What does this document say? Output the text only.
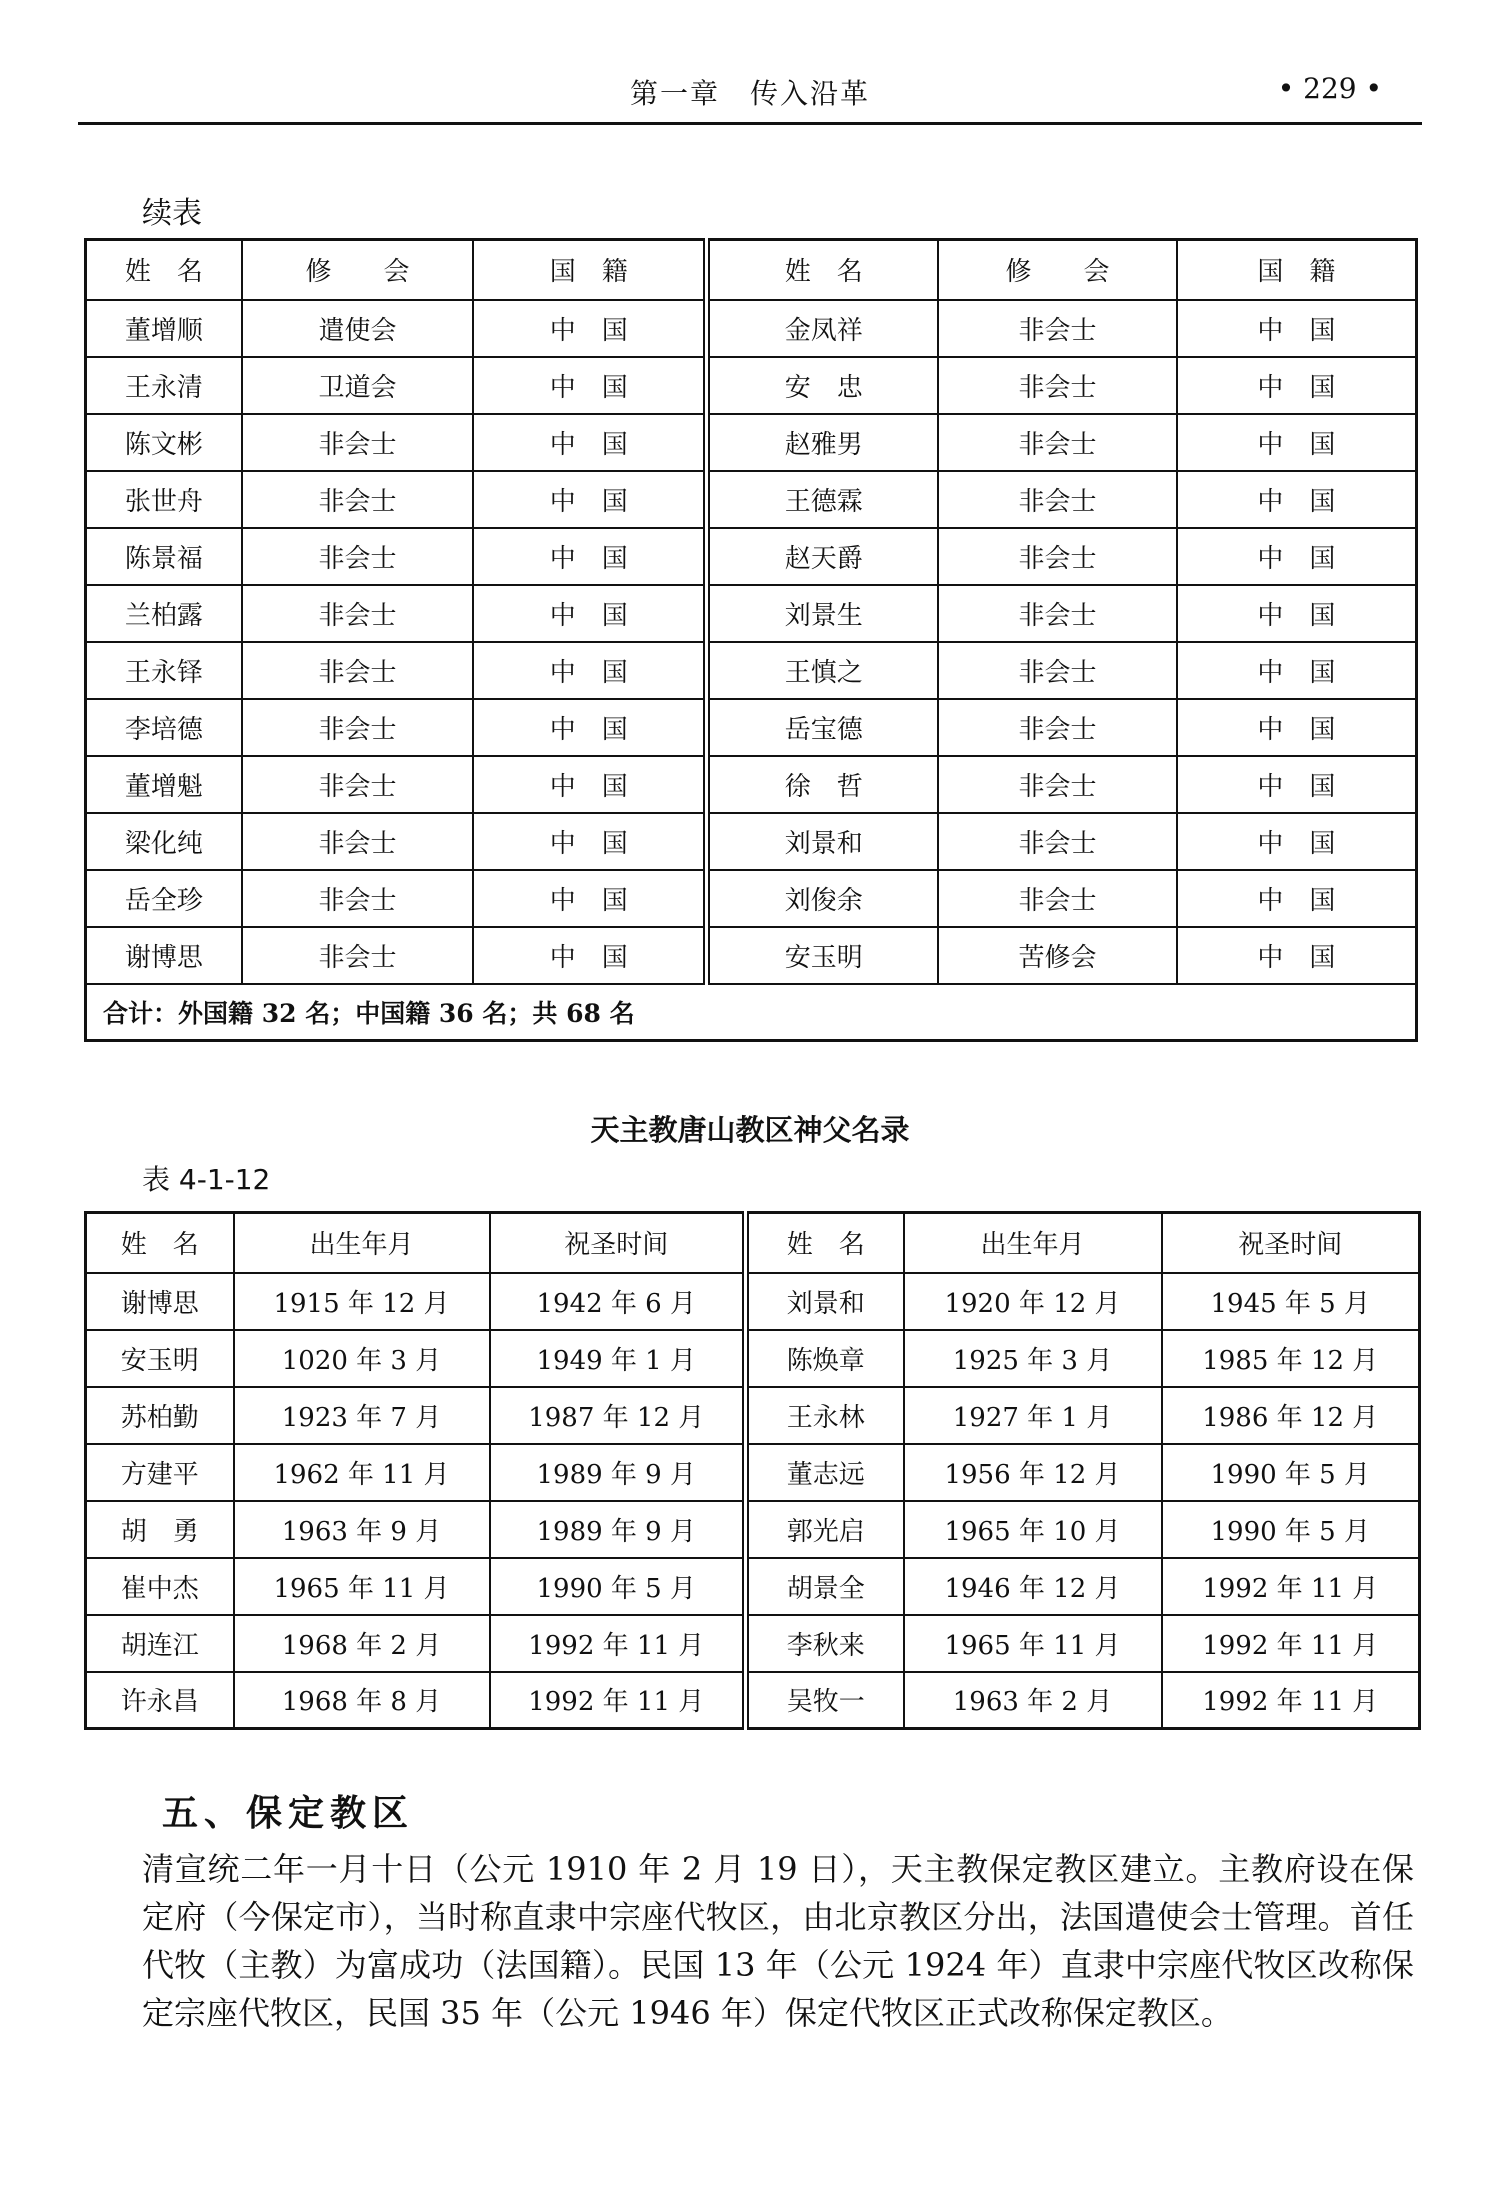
第一章　传入沿革	• 229 •
续表
姓　名	修　　会	国　籍	姓　名	修　　会	国　籍
董增顺	遣使会	中　国	金凤祥	非会士	中　国
王永清	卫道会	中　国	安　忠	非会士	中　国
陈文彬	非会士	中　国	赵雅男	非会士	中　国
张世舟	非会士	中　国	王德霖	非会士	中　国
陈景福	非会士	中　国	赵天爵	非会士	中　国
兰柏露	非会士	中　国	刘景生	非会士	中　国
王永铎	非会士	中　国	王慎之	非会士	中　国
李培德	非会士	中　国	岳宝德	非会士	中　国
董增魁	非会士	中　国	徐　哲	非会士	中　国
梁化纯	非会士	中　国	刘景和	非会士	中　国
岳全珍	非会士	中　国	刘俊余	非会士	中　国
谢博思	非会士	中　国	安玉明	苦修会	中　国
合计：外国籍 32 名；中国籍 36 名；共 68 名					
天主教唐山教区神父名录
表 4-1-12
姓　名	出生年月	祝圣时间	姓　名	出生年月	祝圣时间
谢博思	1915 年 12 月	1942 年 6 月	刘景和	1920 年 12 月	1945 年 5 月
安玉明	1020 年 3 月	1949 年 1 月	陈焕章	1925 年 3 月	1985 年 12 月
苏柏勤	1923 年 7 月	1987 年 12 月	王永林	1927 年 1 月	1986 年 12 月
方建平	1962 年 11 月	1989 年 9 月	董志远	1956 年 12 月	1990 年 5 月
胡　勇	1963 年 9 月	1989 年 9 月	郭光启	1965 年 10 月	1990 年 5 月
崔中杰	1965 年 11 月	1990 年 5 月	胡景全	1946 年 12 月	1992 年 11 月
胡连江	1968 年 2 月	1992 年 11 月	李秋来	1965 年 11 月	1992 年 11 月
许永昌	1968 年 8 月	1992 年 11 月	吴牧一	1963 年 2 月	1992 年 11 月
五、保定教区
清宣统二年一月十日（公元 1910 年 2 月 19 日），天主教保定教区建立。主教府设在保定府（今保定市），当时称直隶中宗座代牧区，由北京教区分出，法国遣使会士管理。首任代牧（主教）为富成功（法国籍）。民国 13 年（公元 1924 年）直隶中宗座代牧区改称保定宗座代牧区，民国 35 年（公元 1946 年）保定代牧区正式改称保定教区。
